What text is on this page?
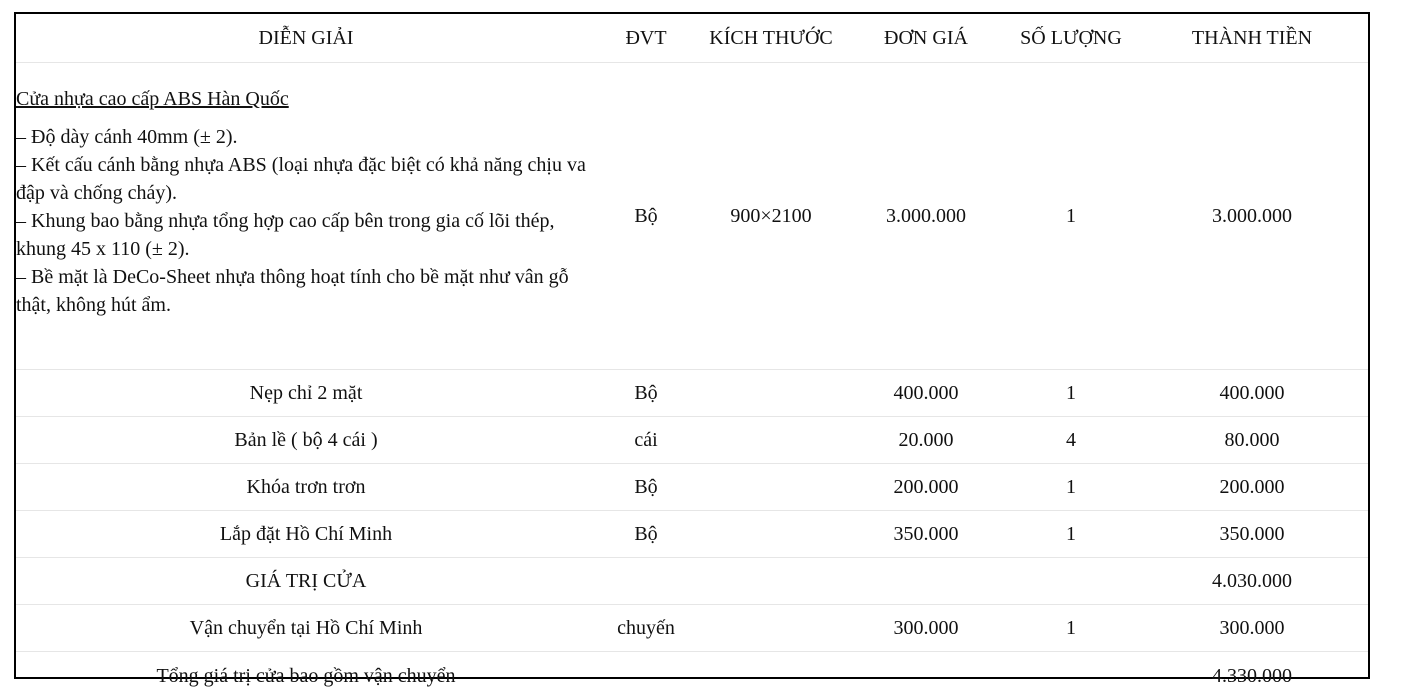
DIỄN GIẢI	ĐVT	KÍCH THƯỚC	ĐƠN GIÁ	SỐ LƯỢNG	THÀNH TIỀN

Cửa nhựa cao cấp ABS Hàn Quốc
– Độ dày cánh 40mm (± 2).
– Kết cấu cánh bằng nhựa ABS (loại nhựa đặc biệt có khả năng chịu va đập và chống cháy).
– Khung bao bằng nhựa tổng hợp cao cấp bên trong gia cố lõi thép, khung 45 x 110 (± 2).
– Bề mặt là DeCo-Sheet nhựa thông hoạt tính cho bề mặt như vân gỗ thật, không hút ẩm.	Bộ	900×2100	3.000.000	1	3.000.000
Nẹp chỉ 2 mặt	Bộ		400.000	1	400.000
Bản lề ( bộ 4 cái )	cái		20.000	4	80.000
Khóa trơn trơn	Bộ		200.000	1	200.000
Lắp đặt Hồ Chí Minh	Bộ		350.000	1	350.000
GIÁ TRỊ CỬA					4.030.000
Vận chuyển tại Hồ Chí Minh	chuyến		300.000	1	300.000
Tổng giá trị cửa bao gồm vận chuyển					4.330.000
